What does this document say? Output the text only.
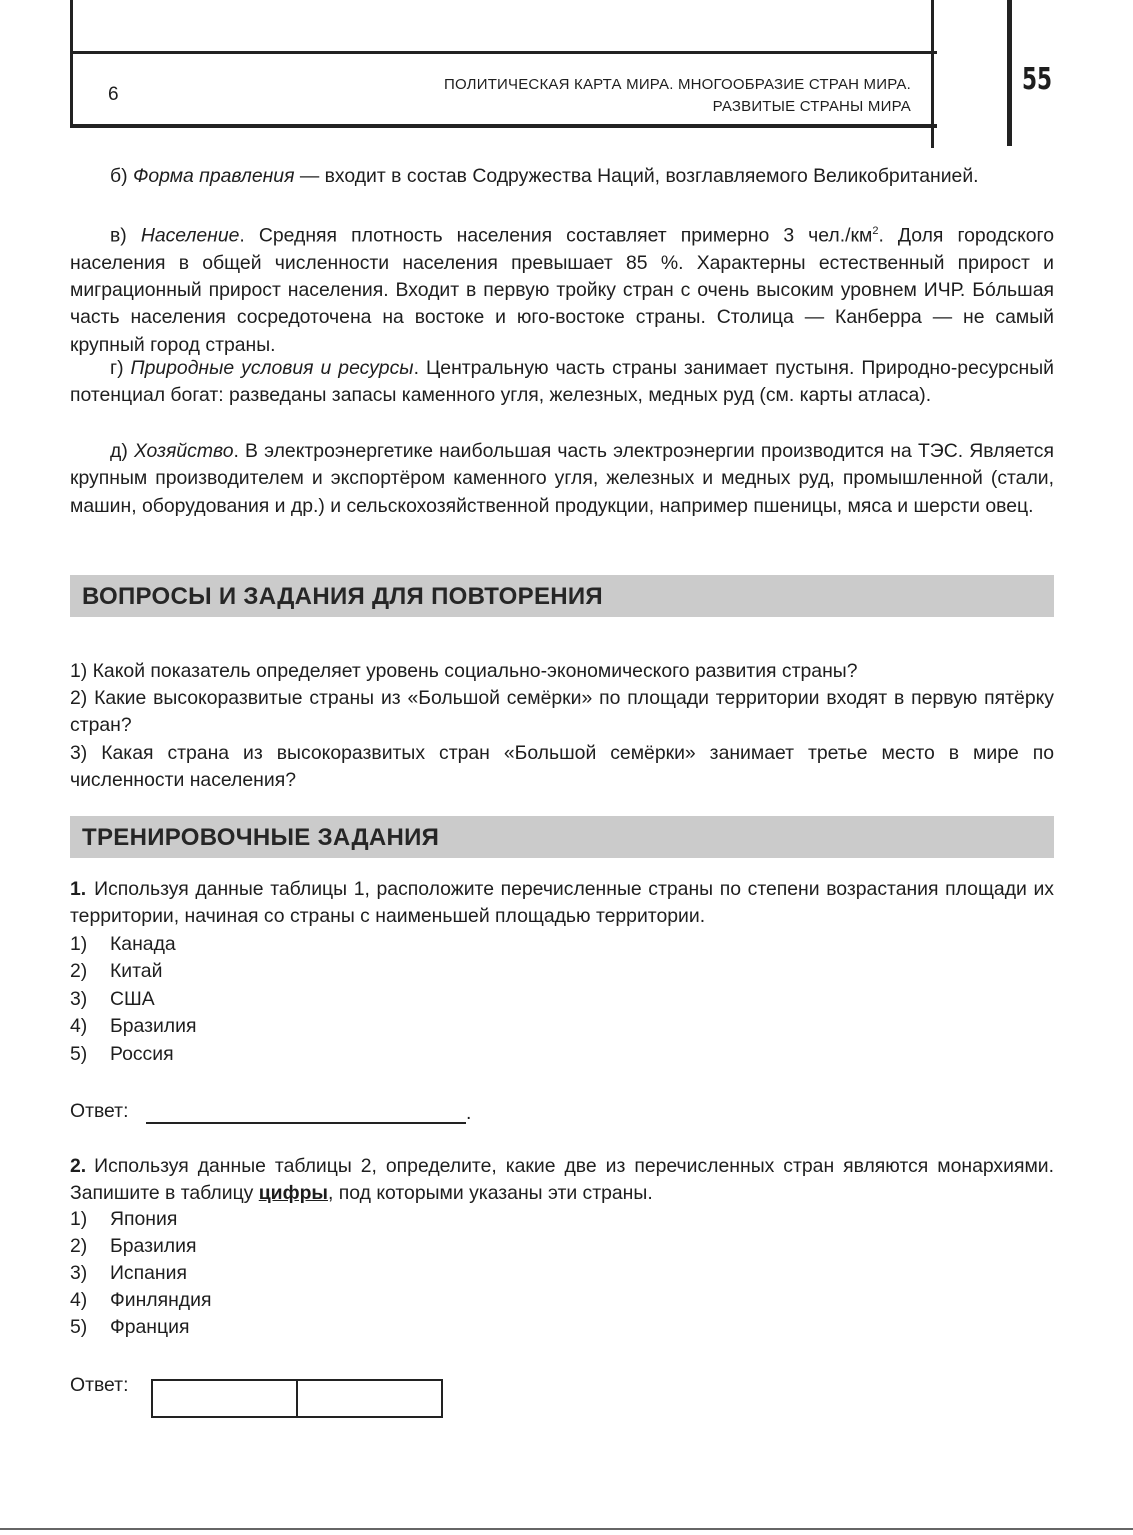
6	ПОЛИТИЧЕСКАЯ КАРТА МИРА. МНОГООБРАЗИЕ СТРАН МИРА.
РАЗВИТЫЕ СТРАНЫ МИРА
55

б) Форма правления — входит в состав Содружества Наций, возглавляемого Великобританией.

в) Население. Средняя плотность населения составляет примерно 3 $чел./км^2$. Доля городского населения в общей численности населения превышает 85 %. Характерны естественный прирост и миграционный прирост населения. Входит в первую тройку стран с очень высоким уровнем ИЧР. Бóльшая часть населения сосредоточена на востоке и юго-востоке страны. Столица — Канберра — не самый крупный город страны.

г) Природные условия и ресурсы. Центральную часть страны занимает пустыня. Природно-ресурсный потенциал богат: разведаны запасы каменного угля, железных, медных руд (см. карты атласа).

д) Хозяйство. В электроэнергетике наибольшая часть электроэнергии производится на ТЭС. Является крупным производителем и экспортёром каменного угля, железных и медных руд, промышленной (стали, машин, оборудования и др.) и сельскохозяйственной продукции, например пшеницы, мяса и шерсти овец.

ВОПРОСЫ И ЗАДАНИЯ ДЛЯ ПОВТОРЕНИЯ

1) Какой показатель определяет уровень социально-экономического развития страны?

2) Какие высокоразвитые страны из «Большой семёрки» по площади территории входят в первую пятёрку стран?

3) Какая страна из высокоразвитых стран «Большой семёрки» занимает третье место в мире по численности населения?

ТРЕНИРОВОЧНЫЕ ЗАДАНИЯ

1. Используя данные таблицы 1, расположите перечисленные страны по степени возрастания площади их территории, начиная со страны с наименьшей площадью территории.

1) Канада
2) Китай
3) США
4) Бразилия
5) Россия
Ответ:	.

2. Используя данные таблицы 2, определите, какие две из перечисленных стран являются монархиями. Запишите в таблицу цифры, под которыми указаны эти страны.

1) Япония
2) Бразилия
3) Испания
4) Финляндия
5) Франция
Ответ:
